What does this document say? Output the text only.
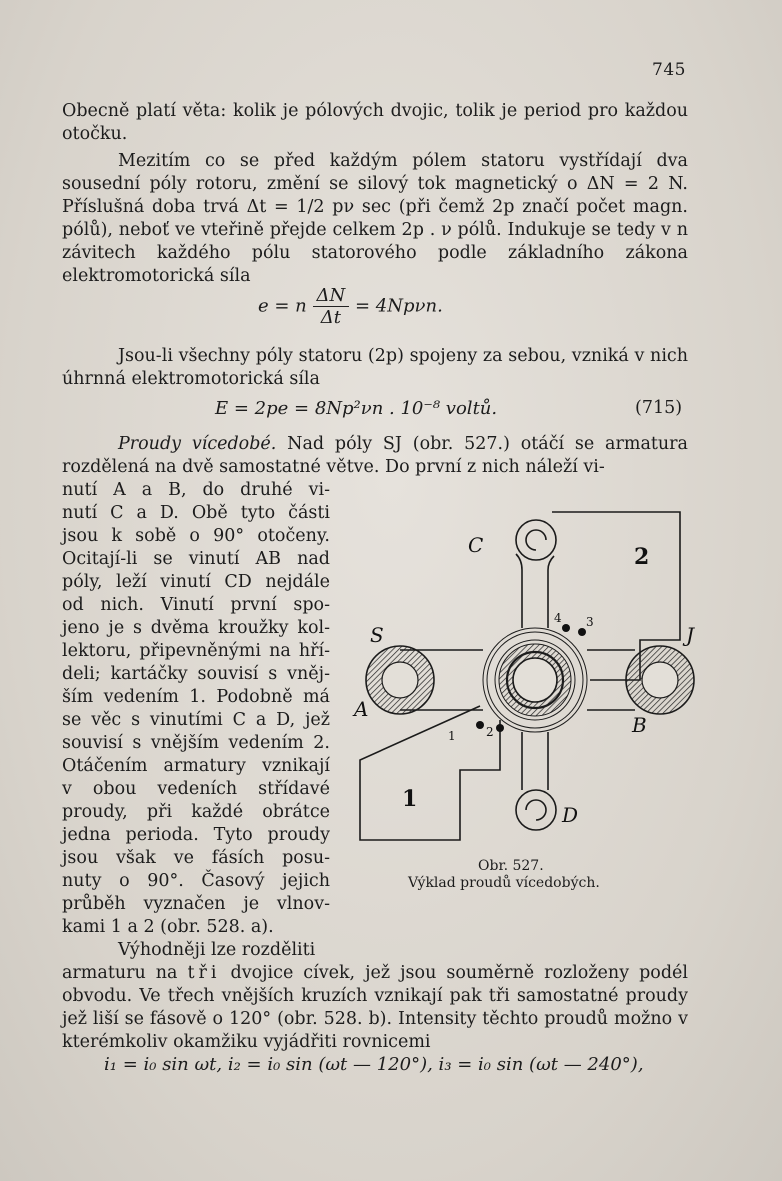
745
Obecně platí věta: kolik je pólových dvojic, tolik je period pro každou otočku.
Mezitím co se před každým pólem statoru vystřídají dva sousední póly rotoru, změní se silový tok magnetický o ΔN = 2 N. Příslušná doba trvá Δt = 1/2 pν sec (při čemž 2p značí počet magn. pólů), neboť ve vteřině přejde celkem 2p . ν pólů. Indukuje se tedy v n závitech každého pólu statorového podle základního zákona elektromotorická síla
e = n $\frac{\Delta N}{\Delta t} = 4Np\nu n$.
Jsou-li všechny póly statoru (2p) spojeny za sebou, vzniká v nich úhrnná elektromotorická síla
E = 2pe = 8Np²νn . 10⁻⁸ voltů.	(715)
Proudy vícedobé. Nad póly SJ (obr. 527.) otáčí se armatura rozdělená na dvě samostatné větve. Do první z nich náleží vi-
nutí A a B, do druhé vi-
nutí C a D. Obě tyto části
jsou k sobě o 90° otočeny.
Ocitají-li se vinutí AB nad
póly, leží vinutí CD nejdále
od nich. Vinutí první spo-
jeno je s dvěma kroužky kol-
lektoru, připevněnými na hří-
deli; kartáčky souvisí s vněj-
ším vedením 1. Podobně má
se věc s vinutími C a D, jež
souvisí s vnějším vedením 2.
Otáčením armatury vznikají
v obou vedeních střídavé
proudy, při každé obrátce
jedna perioda. Tyto proudy
jsou však ve fásích posu-
nuty o 90°. Časový jejich
průběh vyznačen je vlnov-
kami 1 a 2 (obr. 528. a).
C
S	J
A
B
D
1
2
1	2
3
4
Obr. 527.
Výklad proudů vícedobých.
Výhodněji lze rozděliti
armaturu na tři dvojice cívek, jež jsou souměrně rozloženy podél obvodu. Ve třech vnějších kruzích vznikají pak tři samostatné proudy jež liší se fásově o 120° (obr. 528. b). Intensity těchto proudů možno v kterémkoliv okamžiku vyjádřiti rovnicemi
i₁ = i₀ sin ωt, i₂ = i₀ sin (ωt — 120°), i₃ = i₀ sin (ωt — 240°),
